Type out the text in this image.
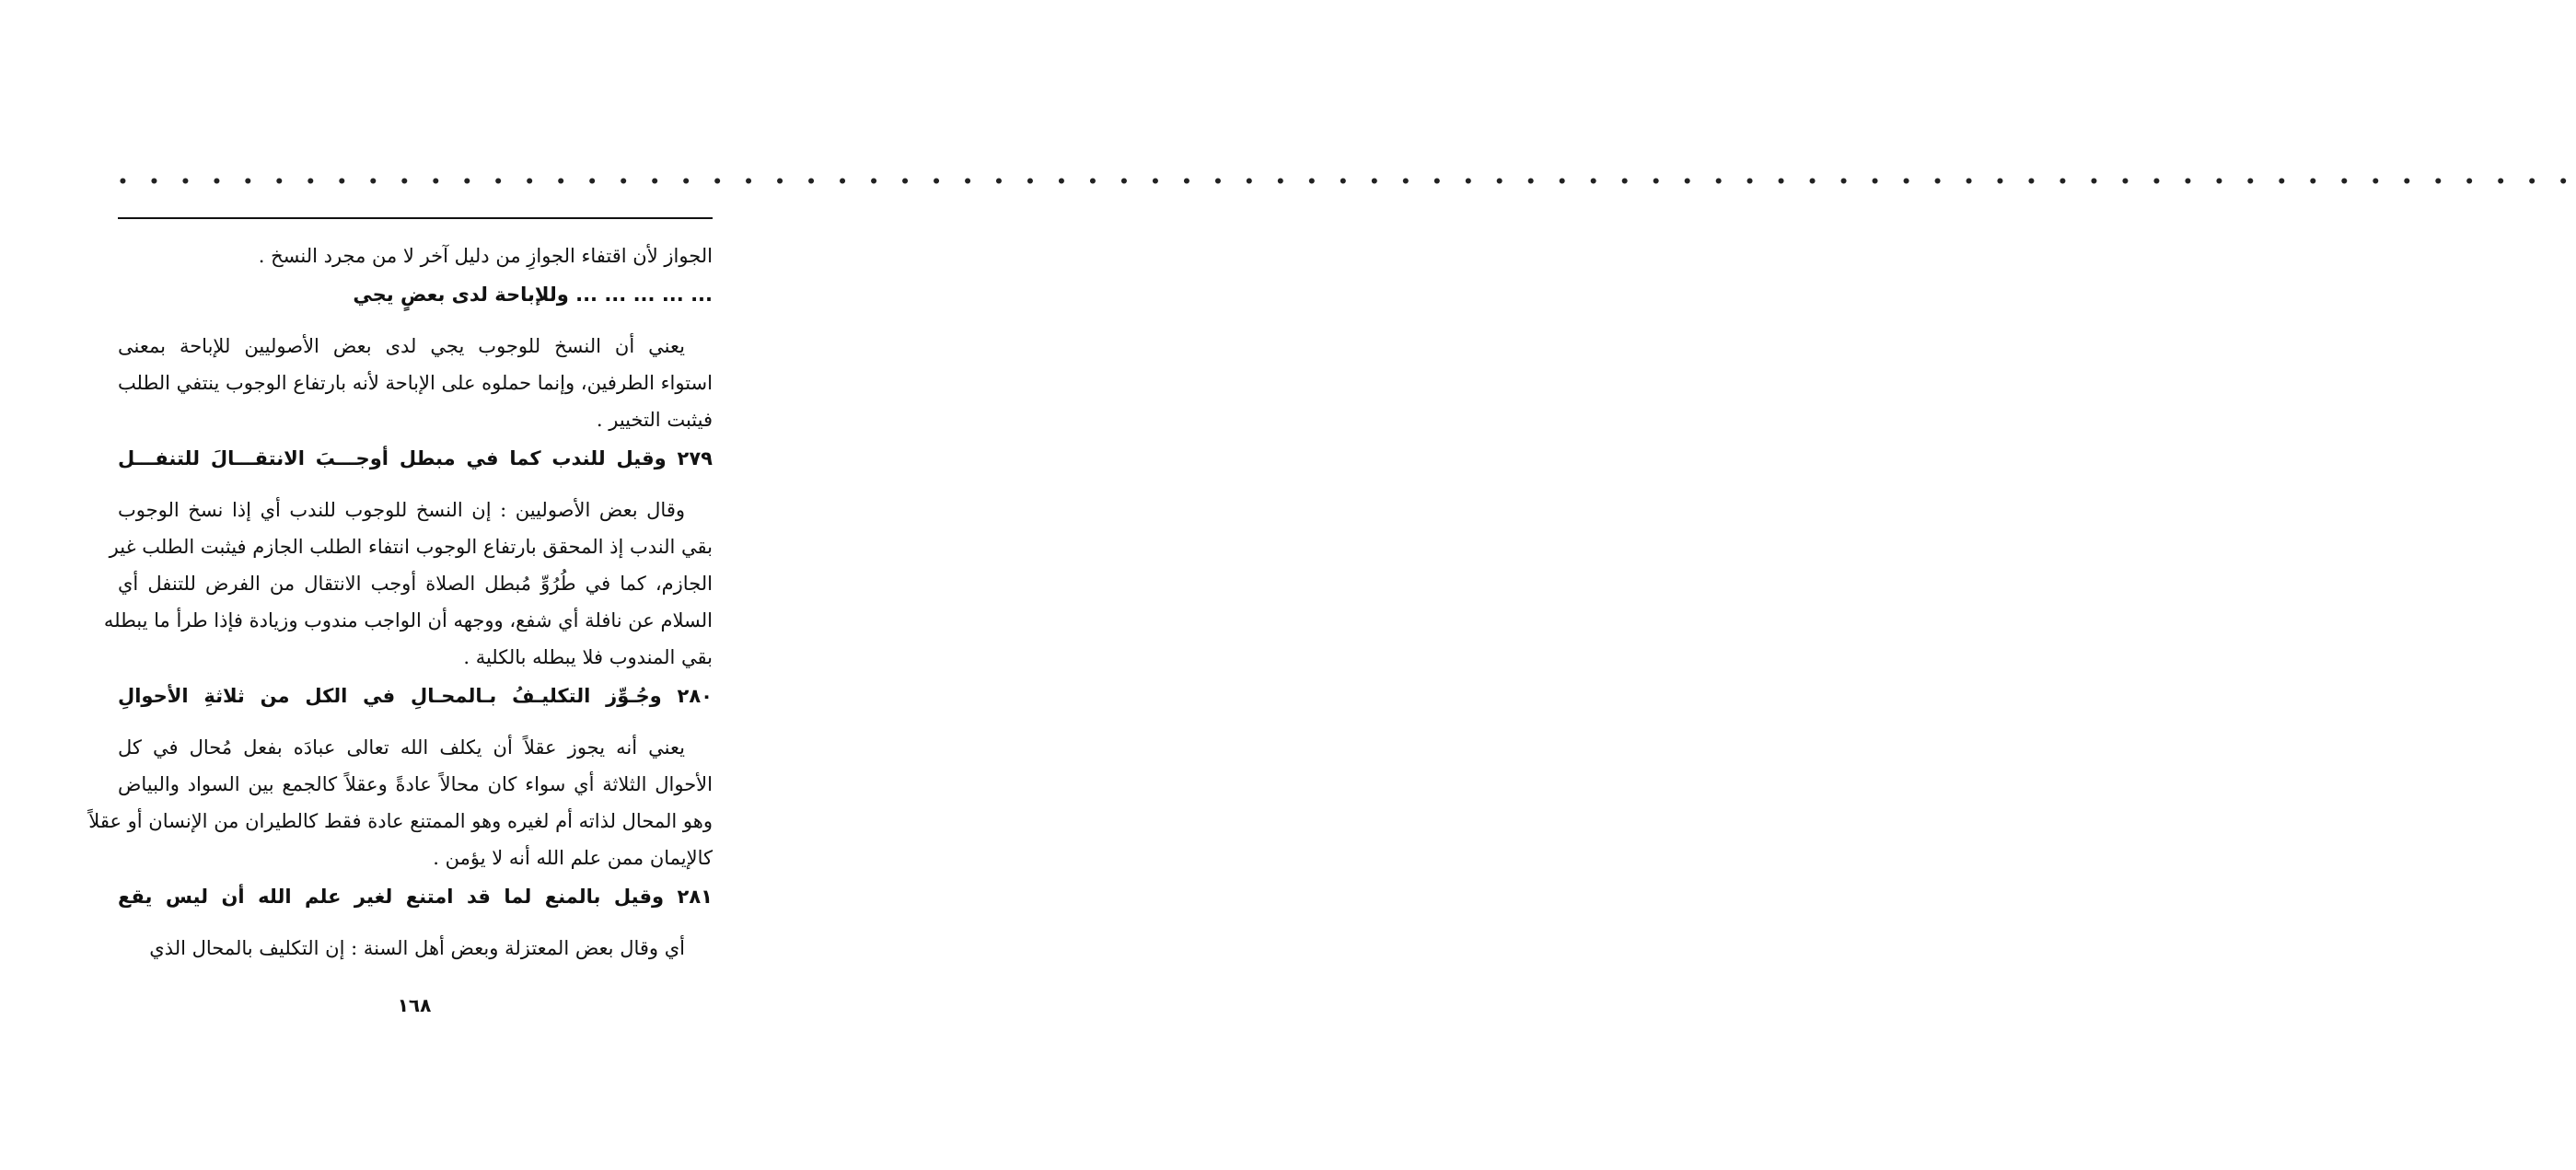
• • • • • • • • • • • • • • • • • • • • • • • • • • • • • • • • • • • • • • • • • • • • • • • • • • • • • • • • • • • • • • • • • • • • • • • • • • • • • • •
الجواز لأن اقتفاء الجوازِ من دليل آخر لا من مجرد النسخ .
... ... ... ... ... وللإباحة لدى بعضٍ يجي
يعني أن النسخ للوجوب يجي لدى بعض الأصوليين للإباحة بمعنى
استواء الطرفين، وإنما حملوه على الإباحة لأنه بارتفاع الوجوب ينتفي الطلب
فيثبت التخيير .
٢٧٩ وقيل للندب كما في مبطل أوجـــبَ الانتقـــالَ للتنفـــل
وقال بعض الأصوليين : إن النسخ للوجوب للندب أي إذا نسخ الوجوب
بقي الندب إذ المحقق بارتفاع الوجوب انتفاء الطلب الجازم فيثبت الطلب غير
الجازم، كما في طُرُوِّ مُبطل الصلاة أوجب الانتقال من الفرض للتنفل أي
السلام عن نافلة أي شفع، ووجهه أن الواجب مندوب وزيادة فإذا طرأ ما يبطله
بقي المندوب فلا يبطله بالكلية .
٢٨٠ وجُـوِّز التكليـفُ بـالمحـالِ في الكل من ثلاثةِ الأحوالِ
يعني أنه يجوز عقلاً أن يكلف الله تعالى عبادَه بفعل مُحال في كل
الأحوال الثلاثة أي سواء كان محالاً عادةً وعقلاً كالجمع بين السواد والبياض
وهو المحال لذاته أم لغيره وهو الممتنع عادة فقط كالطيران من الإنسان أو عقلاً
كالإيمان ممن علم الله أنه لا يؤمن .
٢٨١ وقيل بالمنع لما قد امتنع لغير علم الله أن ليس يقع
أي وقال بعض المعتزلة وبعض أهل السنة : إن التكليف بالمحال الذي
١٦٨
